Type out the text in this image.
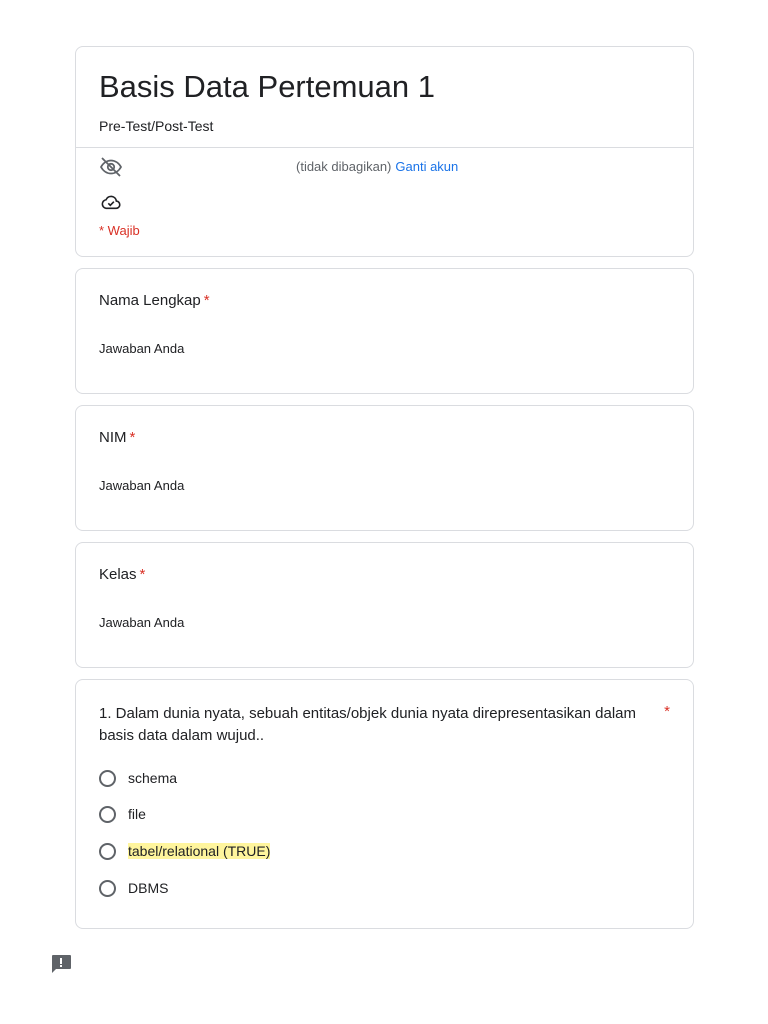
Basis Data Pertemuan 1
Pre-Test/Post-Test
(tidak dibagikan) Ganti akun
* Wajib
Nama Lengkap *
Jawaban Anda
NIM *
Jawaban Anda
Kelas *
Jawaban Anda
1. Dalam dunia nyata, sebuah entitas/objek dunia nyata direpresentasikan dalam basis data dalam wujud..
*
schema
file
tabel/relational (TRUE)
DBMS
